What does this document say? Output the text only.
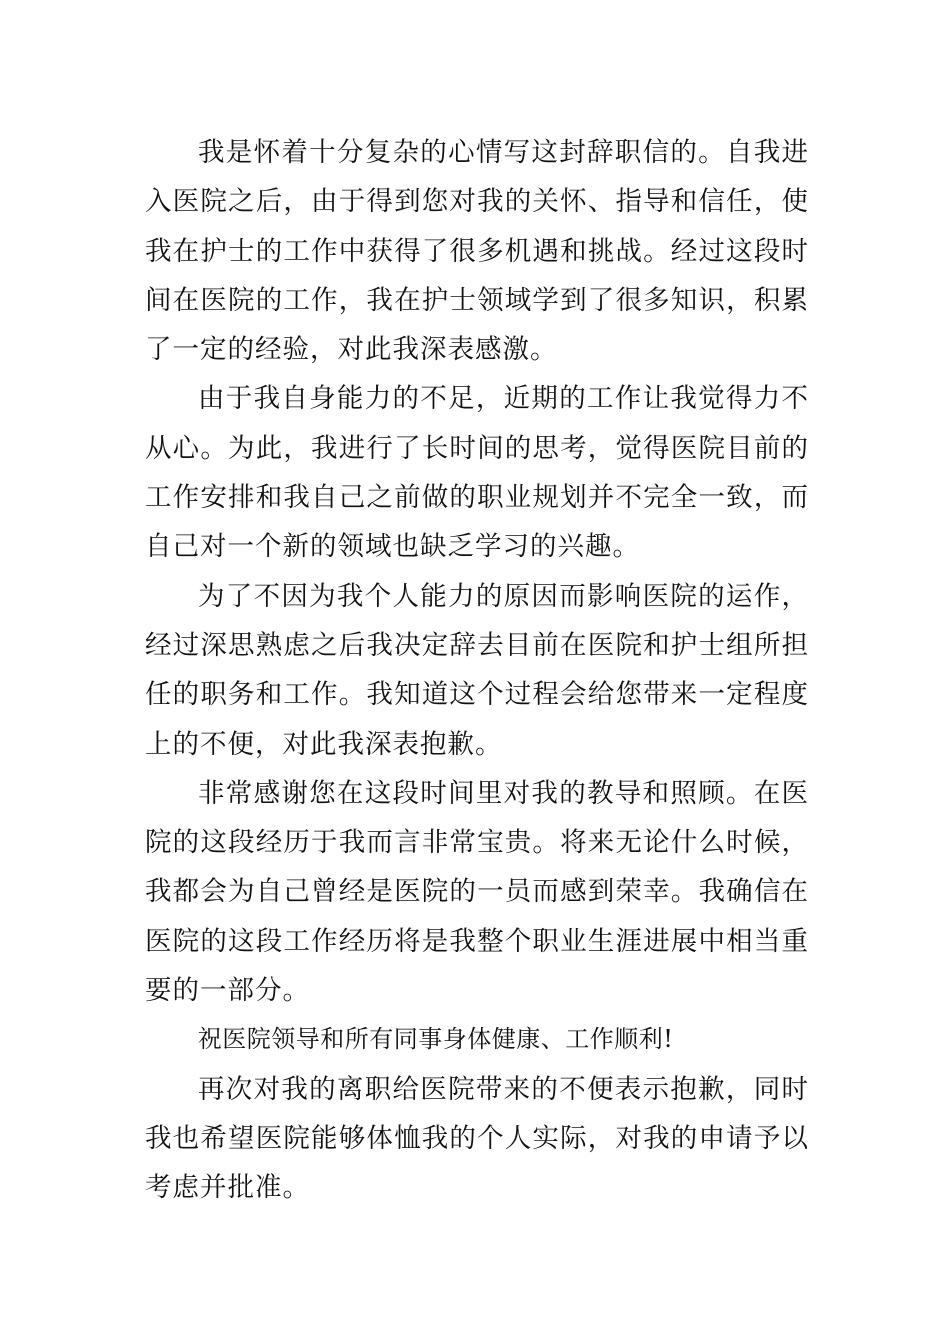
我是怀着十分复杂的心情写这封辞职信的。自我进入医院之后，由于得到您对我的关怀、指导和信任，使我在护士的工作中获得了很多机遇和挑战。经过这段时间在医院的工作，我在护士领域学到了很多知识，积累了一定的经验，对此我深表感激。

由于我自身能力的不足，近期的工作让我觉得力不从心。为此，我进行了长时间的思考，觉得医院目前的工作安排和我自己之前做的职业规划并不完全一致，而自己对一个新的领域也缺乏学习的兴趣。

为了不因为我个人能力的原因而影响医院的运作，经过深思熟虑之后我决定辞去目前在医院和护士组所担任的职务和工作。我知道这个过程会给您带来一定程度上的不便，对此我深表抱歉。

非常感谢您在这段时间里对我的教导和照顾。在医院的这段经历于我而言非常宝贵。将来无论什么时候，我都会为自己曾经是医院的一员而感到荣幸。我确信在医院的这段工作经历将是我整个职业生涯进展中相当重要的一部分。

祝医院领导和所有同事身体健康、工作顺利!

再次对我的离职给医院带来的不便表示抱歉，同时我也希望医院能够体恤我的个人实际，对我的申请予以考虑并批准。
